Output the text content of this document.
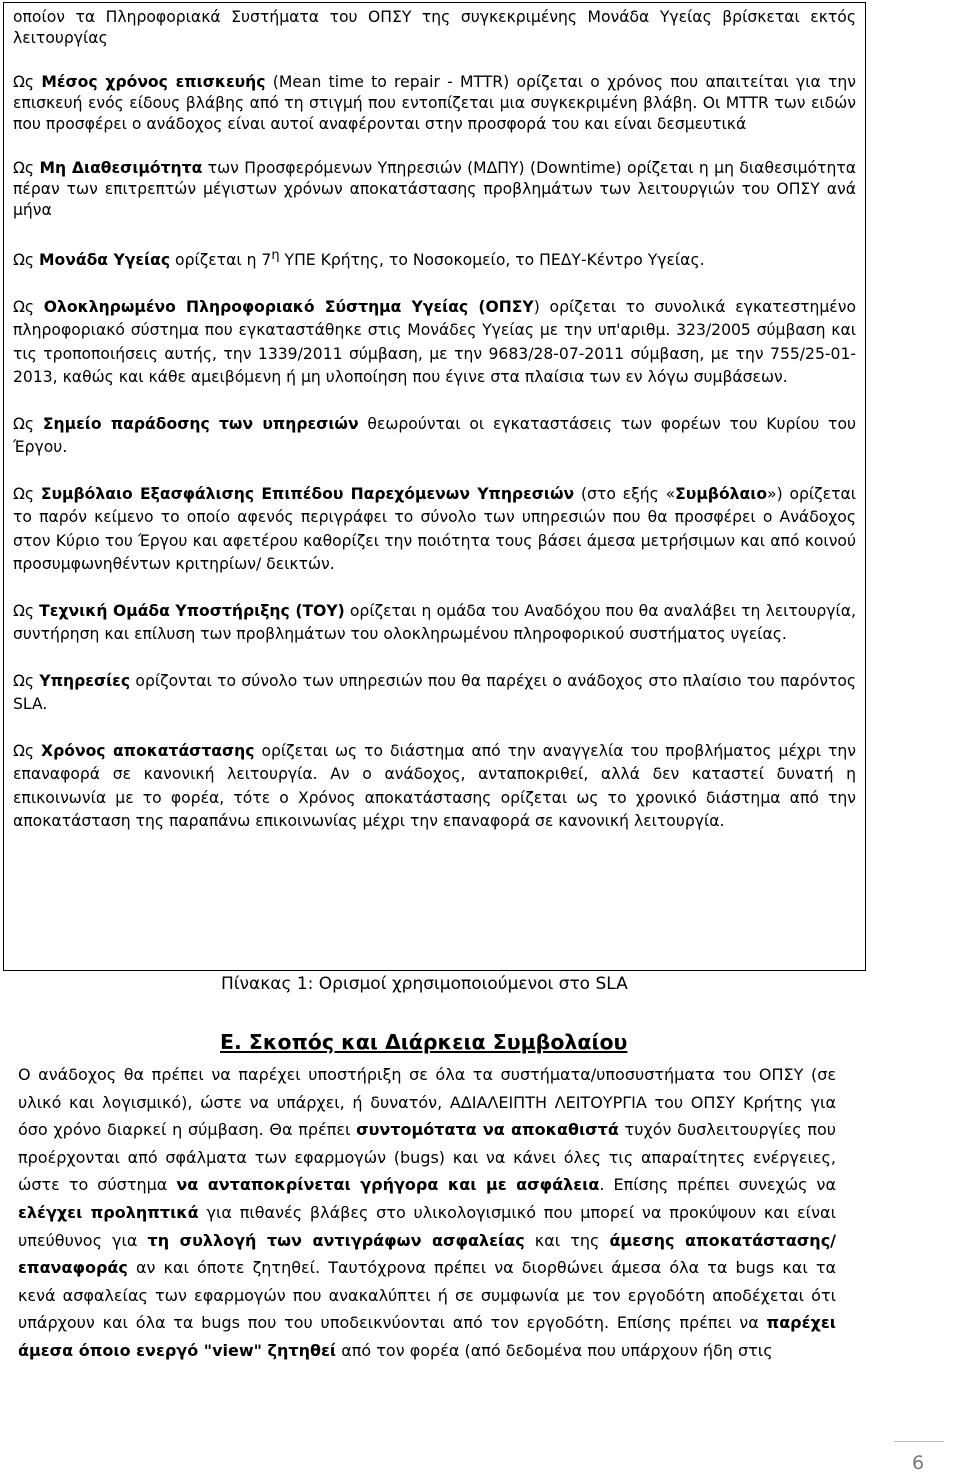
οποίον τα Πληροφοριακά Συστήματα του ΟΠΣΥ της συγκεκριμένης Μονάδα Υγείας βρίσκεται εκτός λειτουργίας

Ως Μέσος χρόνος επισκευής (Mean time to repair - MTTR) ορίζεται ο χρόνος που απαιτείται για την επισκευή ενός είδους βλάβης από τη στιγμή που εντοπίζεται μια συγκεκριμένη βλάβη. Οι MTTR των ειδών που προσφέρει ο ανάδοχος είναι αυτοί αναφέρονται στην προσφορά του και είναι δεσμευτικά

Ως Μη Διαθεσιμότητα των Προσφερόμενων Υπηρεσιών (ΜΔΠΥ) (Downtime) ορίζεται η μη διαθεσιμότητα πέραν των επιτρεπτών μέγιστων χρόνων αποκατάστασης προβλημάτων των λειτουργιών του ΟΠΣΥ ανά μήνα

Ως Μονάδα Υγείας ορίζεται η $7^\eta$ ΥΠΕ Κρήτης, το Νοσοκομείο, το ΠΕΔΥ-Κέντρο Υγείας.

Ως Ολοκληρωμένο Πληροφοριακό Σύστημα Υγείας (ΟΠΣΥ) ορίζεται το συνολικά εγκατεστημένο πληροφοριακό σύστημα που εγκαταστάθηκε στις Μονάδες Υγείας με την υπ'αριθμ. 323/2005 σύμβαση και τις τροποποιήσεις αυτής, την 1339/2011 σύμβαση, με την 9683/28-07-2011 σύμβαση, με την 755/25-01-2013, καθώς και κάθε αμειβόμενη ή μη υλοποίηση που έγινε στα πλαίσια των εν λόγω συμβάσεων.

Ως Σημείο παράδοσης των υπηρεσιών θεωρούνται οι εγκαταστάσεις των φορέων του Κυρίου του Έργου.

Ως Συμβόλαιο Εξασφάλισης Επιπέδου Παρεχόμενων Υπηρεσιών (στο εξής «Συμβόλαιο») ορίζεται το παρόν κείμενο το οποίο αφενός περιγράφει το σύνολο των υπηρεσιών που θα προσφέρει ο Ανάδοχος στον Κύριο του Έργου και αφετέρου καθορίζει την ποιότητα τους βάσει άμεσα μετρήσιμων και από κοινού προσυμφωνηθέντων κριτηρίων/ δεικτών.

Ως Τεχνική Ομάδα Υποστήριξης (ΤΟΥ) ορίζεται η ομάδα του Αναδόχου που θα αναλάβει τη λειτουργία, συντήρηση και επίλυση των προβλημάτων του ολοκληρωμένου πληροφορικού συστήματος υγείας.

Ως Υπηρεσίες ορίζονται το σύνολο των υπηρεσιών που θα παρέχει ο ανάδοχος στο πλαίσιο του παρόντος SLA.

Ως Χρόνος αποκατάστασης ορίζεται ως το διάστημα από την αναγγελία του προβλήματος μέχρι την επαναφορά σε κανονική λειτουργία. Αν ο ανάδοχος, ανταποκριθεί, αλλά δεν καταστεί δυνατή η επικοινωνία με το φορέα, τότε ο Χρόνος αποκατάστασης ορίζεται ως το χρονικό διάστημα από την αποκατάσταση της παραπάνω επικοινωνίας μέχρι την επαναφορά σε κανονική λειτουργία.

Πίνακας 1: Ορισμοί χρησιμοποιούμενοι στο SLA
Ε. Σκοπός και Διάρκεια Συμβολαίου

Ο ανάδοχος θα πρέπει να παρέχει υποστήριξη σε όλα τα συστήματα/υποσυστήματα του ΟΠΣΥ (σε υλικό και λογισμικό), ώστε να υπάρχει, ή δυνατόν, ΑΔΙΑΛΕΙΠΤΗ ΛΕΙΤΟΥΡΓΙΑ του ΟΠΣΥ Κρήτης για όσο χρόνο διαρκεί η σύμβαση. Θα πρέπει συντομότατα να αποκαθιστά τυχόν δυσλειτουργίες που προέρχονται από σφάλματα των εφαρμογών (bugs) και να κάνει όλες τις απαραίτητες ενέργειες, ώστε το σύστημα να ανταποκρίνεται γρήγορα και με ασφάλεια. Επίσης πρέπει συνεχώς να ελέγχει προληπτικά για πιθανές βλάβες στο υλικολογισμικό που μπορεί να προκύψουν και είναι υπεύθυνος για τη συλλογή των αντιγράφων ασφαλείας και της άμεσης αποκατάστασης/επαναφοράς αν και όποτε ζητηθεί. Ταυτόχρονα πρέπει να διορθώνει άμεσα όλα τα bugs και τα κενά ασφαλείας των εφαρμογών που ανακαλύπτει ή σε συμφωνία με τον εργοδότη αποδέχεται ότι υπάρχουν και όλα τα bugs που του υποδεικνύονται από τον εργοδότη. Επίσης πρέπει να παρέχει άμεσα όποιο ενεργό "view" ζητηθεί από τον φορέα (από δεδομένα που υπάρχουν ήδη στις

6
